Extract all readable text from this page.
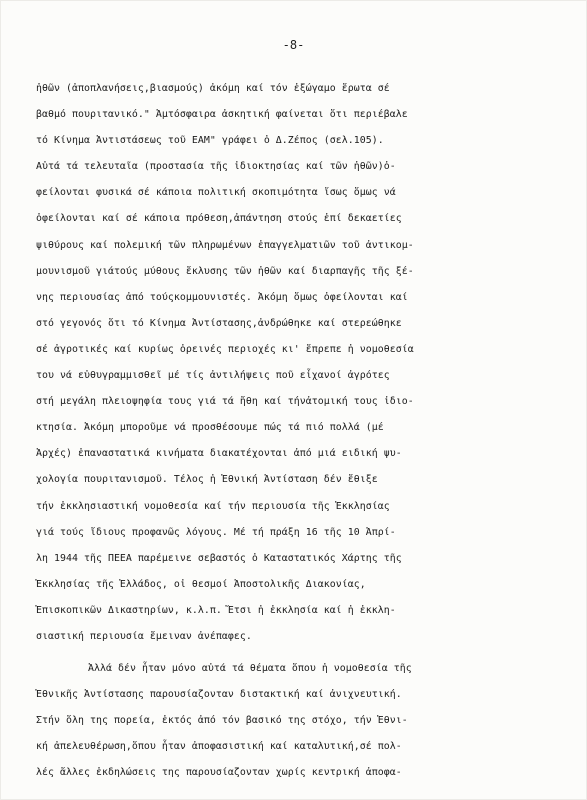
-8-
ἠθῶν (ἀποπλανήσεις,βιασμούς) ἀκόμη καί τόν ἐξώγαμο ἔρωτα σέ
βαθμό πουριτανικό." Ἀμτόσφαιρα ἀσκητική φαίνεται ὅτι περιέβαλε
τό Κίνημα Ἀντιστάσεως τοῦ ΕΑΜ" γράφει ὁ Δ.Ζέπος (σελ.105).
Αὐτά τά τελευταῖα (προστασία τῆς ἰδιοκτησίας καί τῶν ἠθῶν)ὀ-
φείλονται φυσικά σέ κάποια πολιτική σκοπιμότητα ἴσως ὅμως νά
ὀφείλονται καί σέ κάποια πρόθεση,ἀπάντηση στούς ἐπί δεκαετίες
ψιθύρους καί πολεμική τῶν πληρωμένων ἐπαγγελματιῶν τοῦ ἀντικομ-
μουνισμοῦ γιάτούς μύθους ἔκλυσης τῶν ἠθῶν καί διαρπαγῆς τῆς ξέ-
νης περιουσίας ἀπό τούςκομμουνιστές. Ἀκόμη ὅμως ὀφείλονται καί
στό γεγονός ὅτι τό Κίνημα Ἀντίστασης,ἀνδρώθηκε καί στερεώθηκε
σέ ἀγροτικές καί κυρίως ὀρεινές περιοχές κι' ἔπρεπε ἡ νομοθεσία
του νά εὐθυγραμμισθεῖ μέ τίς ἀντιλήψεις ποῦ εἶχανοί ἀγρότες
στή μεγάλη πλειοψηφία τους γιά τά ἤθη καί τήνἀτομική τους ἰδιο-
κτησία. Ἀκόμη μποροῦμε νά προσθέσουμε πώς τά πιό πολλά (μέ
Ἀρχές) ἐπαναστατικά κινήματα διακατέχονται ἀπό μιά ειδική ψυ-
χολογία πουριτανισμοῦ. Τέλος ἡ Ἐθνική Ἀντίσταση δέν ἔθιξε
τήν ἐκκλησιαστική νομοθεσία καί τήν περιουσία τῆς Ἐκκλησίας
γιά τούς ἴδιους προφανῶς λόγους. Μέ τή πράξη 16 τῆς 10 Ἀπρί-
λη 1944 τῆς ΠΕΕΑ παρέμεινε σεβαστός ὁ Καταστατικός Χάρτης τῆς
Ἐκκλησίας τῆς Ἑλλάδος, οἱ θεσμοί Ἀποστολικῆς Διακονίας,
Ἐπισκοπικῶν Δικαστηρίων, κ.λ.π. Ἔτσι ἡ ἐκκλησία καί ἡ ἐκκλη-
σιαστική περιουσία ἔμειναν ἀνέπαφες.
Ἀλλά δέν ἦταν μόνο αὐτά τά θέματα ὅπου ἡ νομοθεσία τῆς
Ἐθνικῆς Ἀντίστασης παρουσίαζονταν διστακτική καί ἀνιχνευτική.
Στήν ὅλη της πορεία, ἐκτός ἀπό τόν βασικό της στόχο, τήν Ἐθνι-
κή ἀπελευθέρωση,ὅπου ἦταν ἀποφασιστική καί καταλυτική,σέ πολ-
λές ἄλλες ἐκδηλώσεις της παρουσίαζονταν χωρίς κεντρική ἀποφα-
